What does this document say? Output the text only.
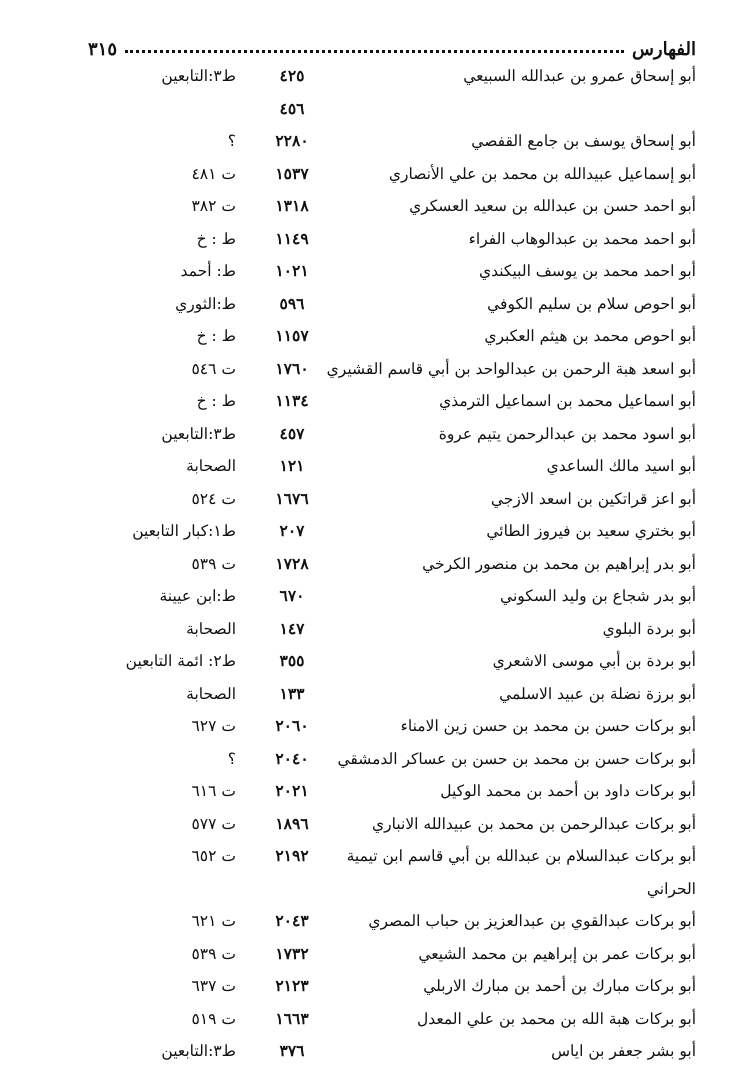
الفهارس
٣١٥
أبو إسحاق عمرو بن عبدالله السبيعي
٤٢٥
ط٣:التابعين
٤٥٦
أبو إسحاق يوسف بن جامع القفصي
٢٢٨٠
؟
أبو إسماعيل عبيدالله بن محمد بن علي الأنصاري
١٥٣٧
ت ٤٨١
أبو احمد حسن بن عبدالله بن سعيد العسكري
١٣١٨
ت ٣٨٢
أبو احمد محمد بن عبدالوهاب الفراء
١١٤٩
ط : خ
أبو احمد محمد بن يوسف البيكندي
١٠٢١
ط: أحمد
أبو احوص سلام بن سليم الكوفي
٥٩٦
ط:الثوري
أبو احوص محمد بن هيثم العكبري
١١٥٧
ط : خ
أبو اسعد هبة الرحمن بن عبدالواحد بن أبي قاسم القشيري
١٧٦٠
ت ٥٤٦
أبو اسماعيل محمد بن اسماعيل الترمذي
١١٣٤
ط : خ
أبو اسود محمد بن عبدالرحمن يتيم عروة
٤٥٧
ط٣:التابعين
أبو اسيد مالك الساعدي
١٢١
الصحابة
أبو اعز قراتكين بن اسعد الازجي
١٦٧٦
ت ٥٢٤
أبو بختري سعيد بن فيروز الطائي
٢٠٧
ط١:كبار التابعين
أبو بدر إبراهيم بن محمد بن منصور الكرخي
١٧٢٨
ت ٥٣٩
أبو بدر شجاع بن وليد السكوني
٦٧٠
ط:ابن عيينة
أبو بردة البلوي
١٤٧
الصحابة
أبو بردة بن أبي موسى الاشعري
٣٥٥
ط٢: ائمة التابعين
أبو برزة نضلة بن عبيد الاسلمي
١٣٣
الصحابة
أبو بركات حسن بن محمد بن حسن زين الامناء
٢٠٦٠
ت ٦٢٧
أبو بركات حسن بن محمد بن حسن بن عساكر الدمشقي
٢٠٤٠
؟
أبو بركات داود بن أحمد بن محمد الوكيل
٢٠٢١
ت ٦١٦
أبو بركات عبدالرحمن بن محمد بن عبيدالله الانباري
١٨٩٦
ت ٥٧٧
أبو بركات عبدالسلام بن عبدالله بن أبي قاسم ابن تيمية
٢١٩٢
ت ٦٥٢
الحراني
أبو بركات عبدالقوي بن عبدالعزيز بن حباب المصري
٢٠٤٣
ت ٦٢١
أبو بركات عمر بن إبراهيم بن محمد الشيعي
١٧٣٢
ت ٥٣٩
أبو بركات مبارك بن أحمد بن مبارك الاربلي
٢١٢٣
ت ٦٣٧
أبو بركات هبة الله بن محمد بن علي المعدل
١٦٦٣
ت ٥١٩
أبو بشر جعفر بن اياس
٣٧٦
ط٣:التابعين
